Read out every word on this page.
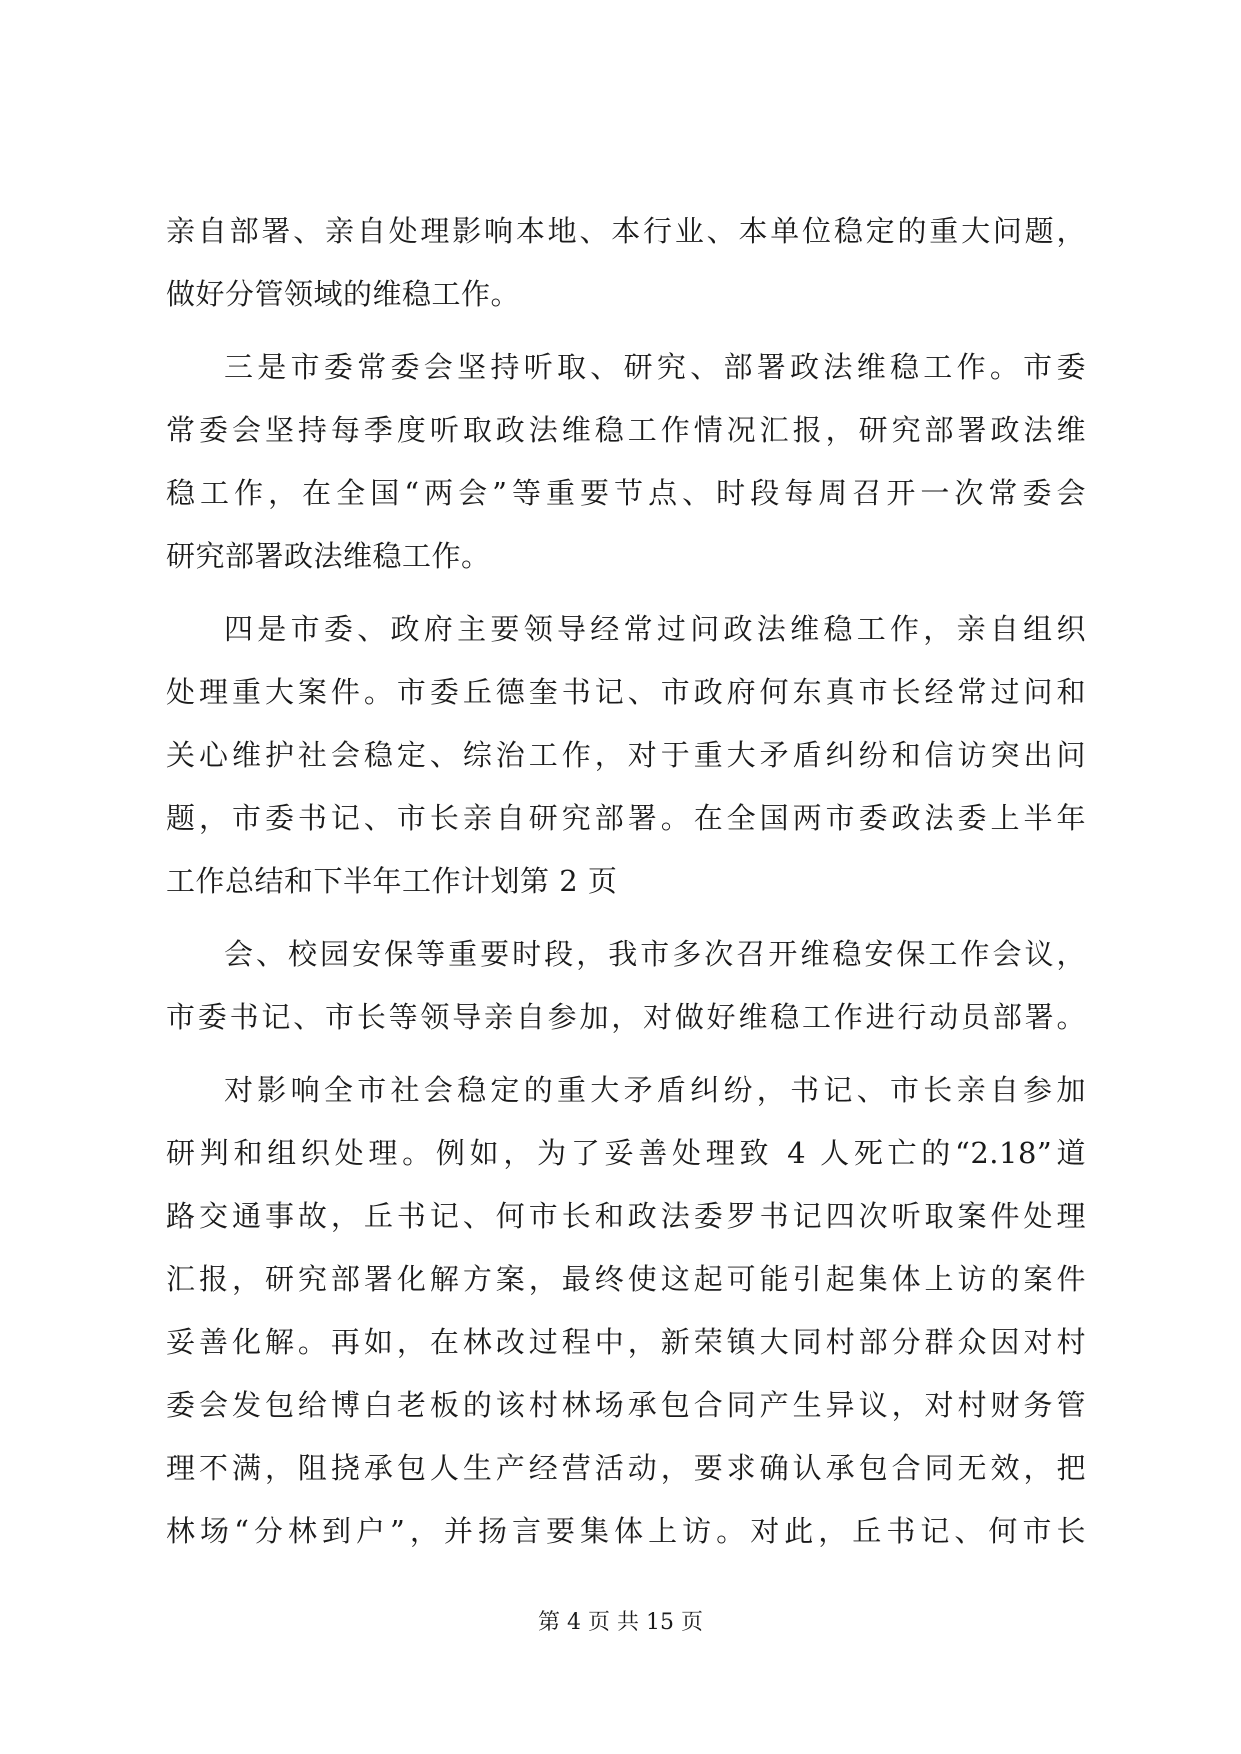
亲自部署、亲自处理影响本地、本行业、本单位稳定的重大问题，
做好分管领域的维稳工作。
三是市委常委会坚持听取、研究、部署政法维稳工作。市委
常委会坚持每季度听取政法维稳工作情况汇报，研究部署政法维
稳工作，在全国“两会”等重要节点、时段每周召开一次常委会
研究部署政法维稳工作。
四是市委、政府主要领导经常过问政法维稳工作，亲自组织
处理重大案件。市委丘德奎书记、市政府何东真市长经常过问和
关心维护社会稳定、综治工作，对于重大矛盾纠纷和信访突出问
题，市委书记、市长亲自研究部署。在全国两市委政法委上半年
工作总结和下半年工作计划第 2 页
会、校园安保等重要时段，我市多次召开维稳安保工作会议，
市委书记、市长等领导亲自参加，对做好维稳工作进行动员部署。
对影响全市社会稳定的重大矛盾纠纷，书记、市长亲自参加
研判和组织处理。例如，为了妥善处理致 4 人死亡的“2.18”道
路交通事故，丘书记、何市长和政法委罗书记四次听取案件处理
汇报，研究部署化解方案，最终使这起可能引起集体上访的案件
妥善化解。再如，在林改过程中，新荣镇大同村部分群众因对村
委会发包给博白老板的该村林场承包合同产生异议，对村财务管
理不满，阻挠承包人生产经营活动，要求确认承包合同无效，把
林场“分林到户”，并扬言要集体上访。对此，丘书记、何市长
第 4 页 共 15 页
